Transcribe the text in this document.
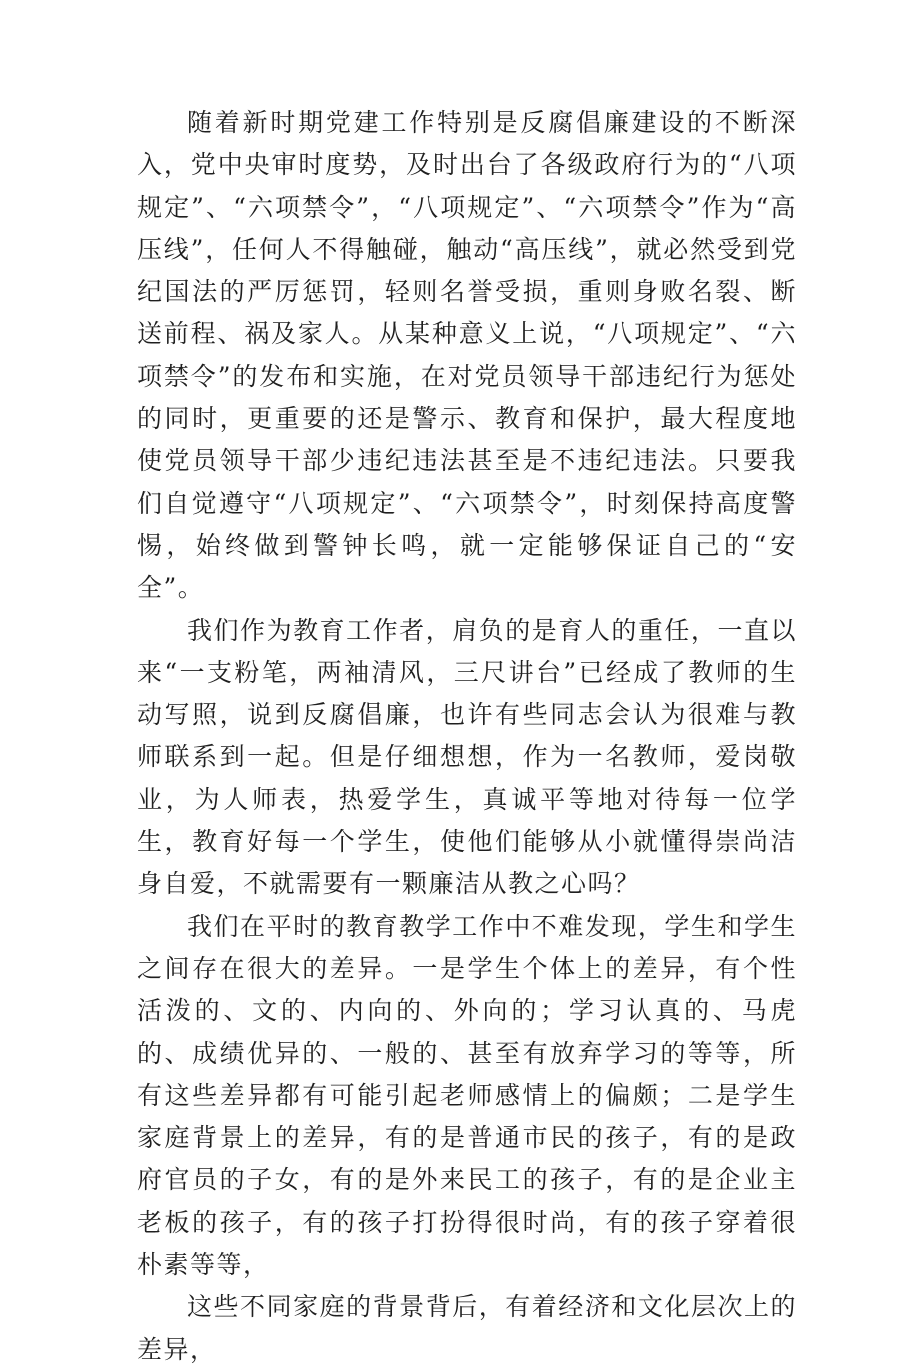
随着新时期党建工作特别是反腐倡廉建设的不断深入，党中央审时度势，及时出台了各级政府行为的“八项规定”、“六项禁令”，“八项规定”、“六项禁令”作为“高压线”，任何人不得触碰，触动“高压线”，就必然受到党纪国法的严厉惩罚，轻则名誉受损，重则身败名裂、断送前程、祸及家人。从某种意义上说，“八项规定”、“六项禁令”的发布和实施，在对党员领导干部违纪行为惩处的同时，更重要的还是警示、教育和保护，最大程度地使党员领导干部少违纪违法甚至是不违纪违法。只要我们自觉遵守“八项规定”、“六项禁令”，时刻保持高度警惕，始终做到警钟长鸣，就一定能够保证自己的“安全”。

我们作为教育工作者，肩负的是育人的重任，一直以来“一支粉笔，两袖清风，三尺讲台”已经成了教师的生动写照，说到反腐倡廉，也许有些同志会认为很难与教师联系到一起。但是仔细想想，作为一名教师，爱岗敬业，为人师表，热爱学生，真诚平等地对待每一位学生，教育好每一个学生，使他们能够从小就懂得崇尚洁身自爱，不就需要有一颗廉洁从教之心吗？

我们在平时的教育教学工作中不难发现，学生和学生之间存在很大的差异。一是学生个体上的差异，有个性活泼的、文的、内向的、外向的；学习认真的、马虎的、成绩优异的、一般的、甚至有放弃学习的等等，所有这些差异都有可能引起老师感情上的偏颇；二是学生家庭背景上的差异，有的是普通市民的孩子，有的是政府官员的子女，有的是外来民工的孩子，有的是企业主老板的孩子，有的孩子打扮得很时尚，有的孩子穿着很朴素等等，

这些不同家庭的背景背后，有着经济和文化层次上的差异，
